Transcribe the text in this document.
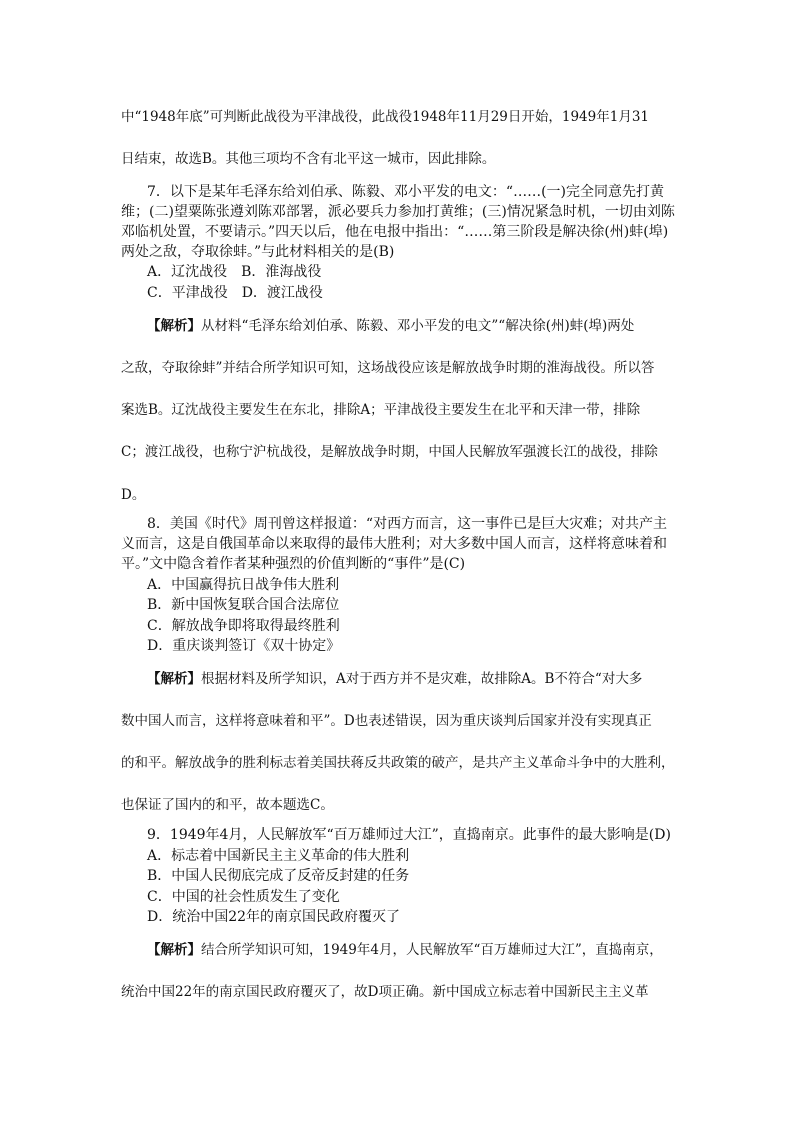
中“1948年底”可判断此战役为平津战役，此战役1948年11月29日开始，1949年1月31

日结束，故选B。其他三项均不含有北平这一城市，因此排除。

7．以下是某年毛泽东给刘伯承、陈毅、邓小平发的电文：“……(一)完全同意先打黄

维；(二)望粟陈张遵刘陈邓部署，派必要兵力参加打黄维；(三)情况紧急时机，一切由刘陈

邓临机处置，不要请示。”四天以后，他在电报中指出：“……第三阶段是解决徐(州)蚌(埠)

两处之敌，夺取徐蚌。”与此材料相关的是(B)

A．辽沈战役　B．淮海战役

C．平津战役　D．渡江战役

【解析】从材料“毛泽东给刘伯承、陈毅、邓小平发的电文”“解决徐(州)蚌(埠)两处

之敌，夺取徐蚌”并结合所学知识可知，这场战役应该是解放战争时期的淮海战役。所以答

案选B。辽沈战役主要发生在东北，排除A；平津战役主要发生在北平和天津一带，排除

C；渡江战役，也称宁沪杭战役，是解放战争时期，中国人民解放军强渡长江的战役，排除

D。

8．美国《时代》周刊曾这样报道：“对西方而言，这一事件已是巨大灾难；对共产主

义而言，这是自俄国革命以来取得的最伟大胜利；对大多数中国人而言，这样将意味着和

平。”文中隐含着作者某种强烈的价值判断的“事件”是(C)

A．中国赢得抗日战争伟大胜利

B．新中国恢复联合国合法席位

C．解放战争即将取得最终胜利

D．重庆谈判签订《双十协定》

【解析】根据材料及所学知识，A对于西方并不是灾难，故排除A。B不符合“对大多

数中国人而言，这样将意味着和平”。D也表述错误，因为重庆谈判后国家并没有实现真正

的和平。解放战争的胜利标志着美国扶蒋反共政策的破产，是共产主义革命斗争中的大胜利，

也保证了国内的和平，故本题选C。

9．1949年4月，人民解放军“百万雄师过大江”，直捣南京。此事件的最大影响是(D)

A．标志着中国新民主主义革命的伟大胜利

B．中国人民彻底完成了反帝反封建的任务

C．中国的社会性质发生了变化

D．统治中国22年的南京国民政府覆灭了

【解析】结合所学知识可知，1949年4月，人民解放军“百万雄师过大江”，直捣南京，

统治中国22年的南京国民政府覆灭了，故D项正确。新中国成立标志着中国新民主主义革
